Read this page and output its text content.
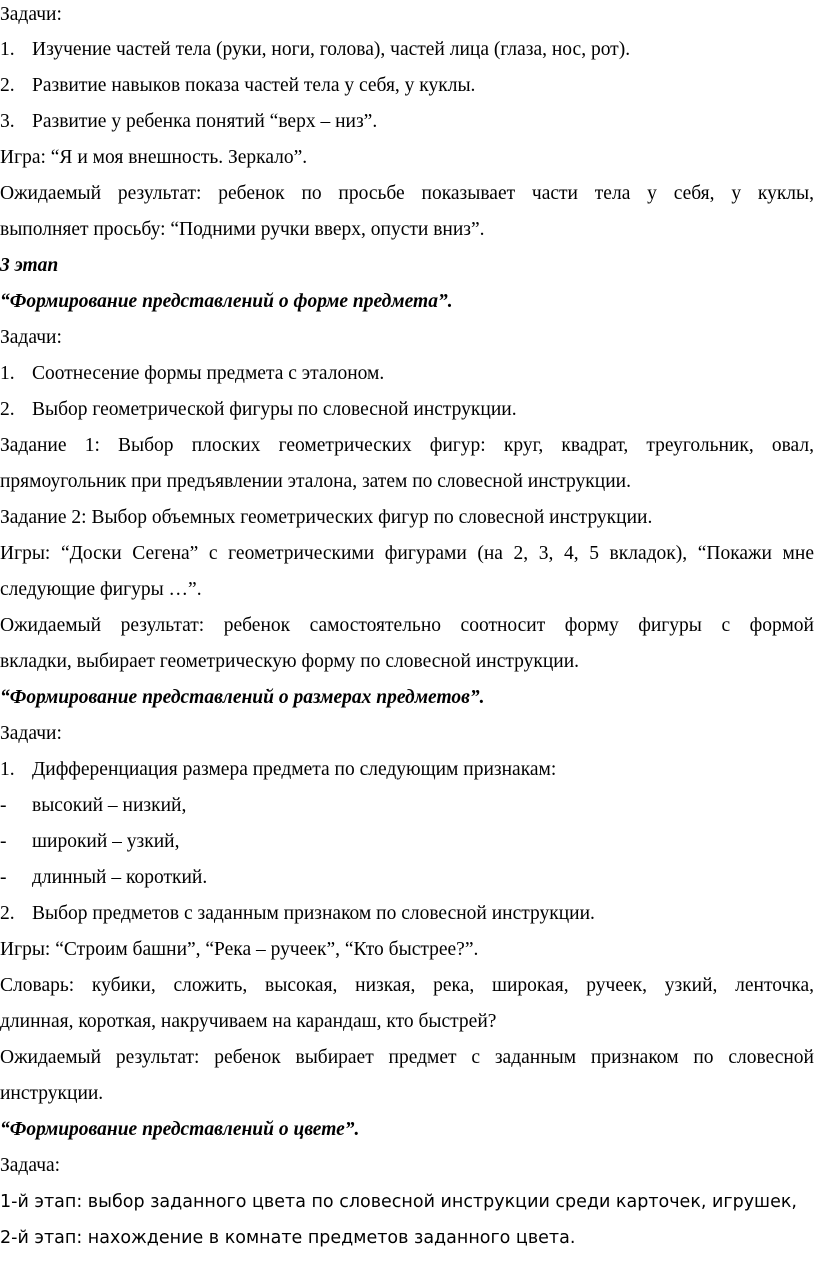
Задачи:
1. Изучение частей тела (руки, ноги, голова), частей лица (глаза, нос, рот).
2. Развитие навыков показа частей тела у себя, у куклы.
3. Развитие у ребенка понятий “верх – низ”.
Игра: “Я и моя внешность. Зеркало”.
Ожидаемый результат: ребенок по просьбе показывает части тела у себя, у куклы,
выполняет просьбу: “Подними ручки вверх, опусти вниз”.
3 этап
“Формирование представлений о форме предмета”.
Задачи:
1. Соотнесение формы предмета с эталоном.
2. Выбор геометрической фигуры по словесной инструкции.
Задание 1: Выбор плоских геометрических фигур: круг, квадрат, треугольник, овал,
прямоугольник при предъявлении эталона, затем по словесной инструкции.
Задание 2: Выбор объемных геометрических фигур по словесной инструкции.
Игры: “Доски Сегена” с геометрическими фигурами (на 2, 3, 4, 5 вкладок), “Покажи мне
следующие фигуры …”.
Ожидаемый результат: ребенок самостоятельно соотносит форму фигуры с формой
вкладки, выбирает геометрическую форму по словесной инструкции.
“Формирование представлений о размерах предметов”.
Задачи:
1. Дифференциация размера предмета по следующим признакам:
- высокий – низкий,
- широкий – узкий,
- длинный – короткий.
2. Выбор предметов с заданным признаком по словесной инструкции.
Игры: “Строим башни”, “Река – ручеек”, “Кто быстрее?”.
Словарь: кубики, сложить, высокая, низкая, река, широкая, ручеек, узкий, ленточка,
длинная, короткая, накручиваем на карандаш, кто быстрей?
Ожидаемый результат: ребенок выбирает предмет с заданным признаком по словесной
инструкции.
“Формирование представлений о цвете”.
Задача:
1-й этап: выбор заданного цвета по словесной инструкции среди карточек, игрушек,
2-й этап: нахождение в комнате предметов заданного цвета.
